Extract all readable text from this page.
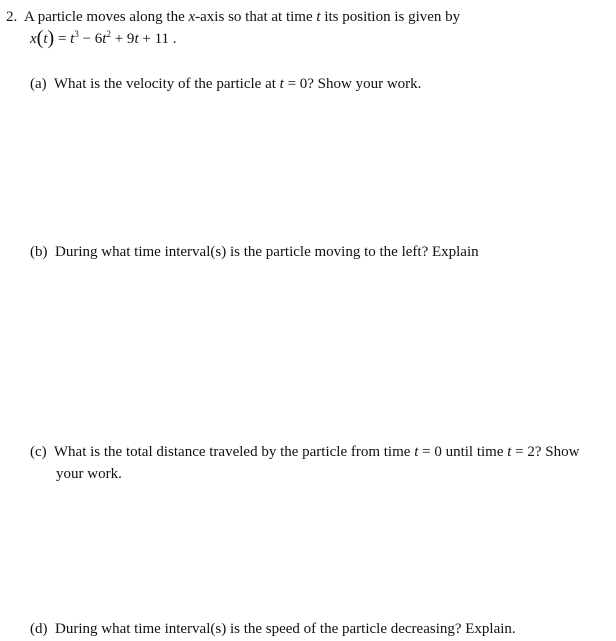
2. A particle moves along the x-axis so that at time t its position is given by
$x(t) = t^3 - 6t^2 + 9t + 11$ .
(a) What is the velocity of the particle at t = 0? Show your work.
(b) During what time interval(s) is the particle moving to the left? Explain
(c) What is the total distance traveled by the particle from time t = 0 until time t = 2? Show
your work.
(d) During what time interval(s) is the speed of the particle decreasing? Explain.
